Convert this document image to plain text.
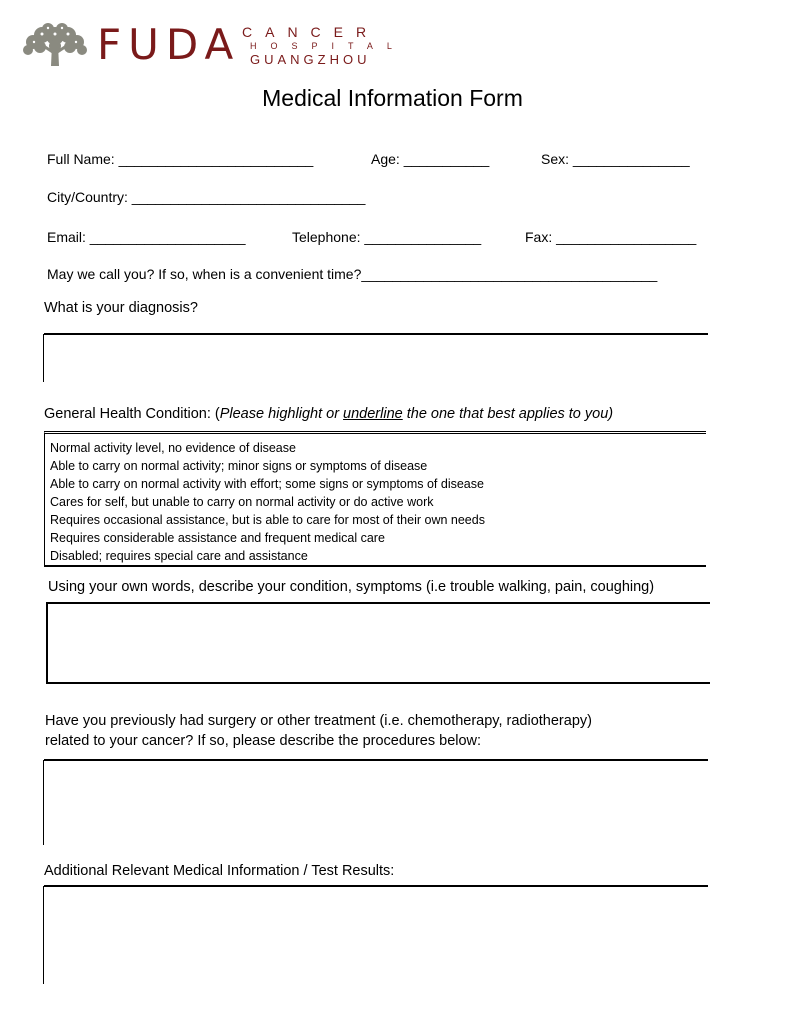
FUDA CANCER
HOSPITAL
GUANGZHOU
Medical Information Form
Full Name: _________________________	Age: ___________	Sex: _______________
City/Country: ______________________________
Email: ____________________	Telephone: _______________	Fax: __________________
May we call you? If so, when is a convenient time?______________________________________
What is your diagnosis?
General Health Condition: (Please highlight or underline the one that best applies to you)
Normal activity level, no evidence of disease
Able to carry on normal activity; minor signs or symptoms of disease
Able to carry on normal activity with effort; some signs or symptoms of disease
Cares for self, but unable to carry on normal activity or do active work
Requires occasional assistance, but is able to care for most of their own needs
Requires considerable assistance and frequent medical care
Disabled; requires special care and assistance
Using your own words, describe your condition, symptoms (i.e trouble walking, pain, coughing)
Have you previously had surgery or other treatment (i.e. chemotherapy, radiotherapy)
related to your cancer? If so, please describe the procedures below:
Additional Relevant Medical Information / Test Results:
